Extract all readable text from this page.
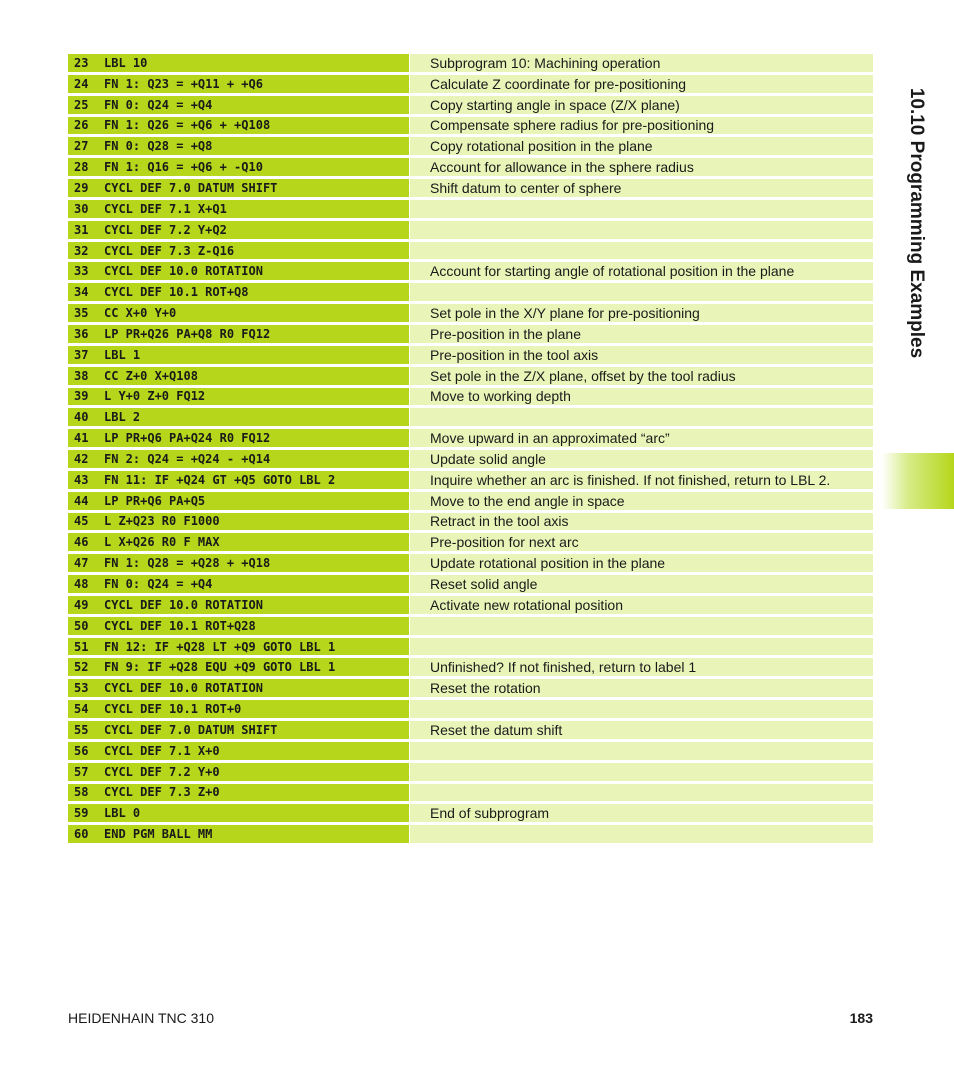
23	LBL 10	Subprogram 10: Machining operation
24	FN 1: Q23 = +Q11 + +Q6	Calculate Z coordinate for pre-positioning
25	FN 0: Q24 = +Q4	Copy starting angle in space (Z/X plane)
26	FN 1: Q26 = +Q6 + +Q108	Compensate sphere radius for pre-positioning
27	FN 0: Q28 = +Q8	Copy rotational position in the plane
28	FN 1: Q16 = +Q6 + -Q10	Account for allowance in the sphere radius
29	CYCL DEF 7.0 DATUM SHIFT	Shift datum to center of sphere
30	CYCL DEF 7.1 X+Q1
31	CYCL DEF 7.2 Y+Q2
32	CYCL DEF 7.3 Z-Q16
33	CYCL DEF 10.0 ROTATION	Account for starting angle of rotational position in the plane
34	CYCL DEF 10.1 ROT+Q8
35	CC X+0 Y+0	Set pole in the X/Y plane for pre-positioning
36	LP PR+Q26 PA+Q8 R0 FQ12	Pre-position in the plane
37	LBL 1	Pre-position in the tool axis
38	CC Z+0 X+Q108	Set pole in the Z/X plane, offset by the tool radius
39	L Y+0 Z+0 FQ12	Move to working depth
40	LBL 2
41	LP PR+Q6 PA+Q24 R0 FQ12	Move upward in an approximated “arc”
42	FN 2: Q24 = +Q24 - +Q14	Update solid angle
43	FN 11: IF +Q24 GT +Q5 GOTO LBL 2	Inquire whether an arc is finished. If not finished, return to LBL 2.
44	LP PR+Q6 PA+Q5	Move to the end angle in space
45	L Z+Q23 R0 F1000	Retract in the tool axis
46	L X+Q26 R0 F MAX	Pre-position for next arc
47	FN 1: Q28 = +Q28 + +Q18	Update rotational position in the plane
48	FN 0: Q24 = +Q4	Reset solid angle
49	CYCL DEF 10.0 ROTATION	Activate new rotational position
50	CYCL DEF 10.1 ROT+Q28
51	FN 12: IF +Q28 LT +Q9 GOTO LBL 1
52	FN 9: IF +Q28 EQU +Q9 GOTO LBL 1	Unfinished? If not finished, return to label 1
53	CYCL DEF 10.0 ROTATION	Reset the rotation
54	CYCL DEF 10.1 ROT+0
55	CYCL DEF 7.0 DATUM SHIFT	Reset the datum shift
56	CYCL DEF 7.1 X+0
57	CYCL DEF 7.2 Y+0
58	CYCL DEF 7.3 Z+0
59	LBL 0	End of subprogram
60	END PGM BALL MM
10.10 Programming Examples
HEIDENHAIN TNC 310	183
